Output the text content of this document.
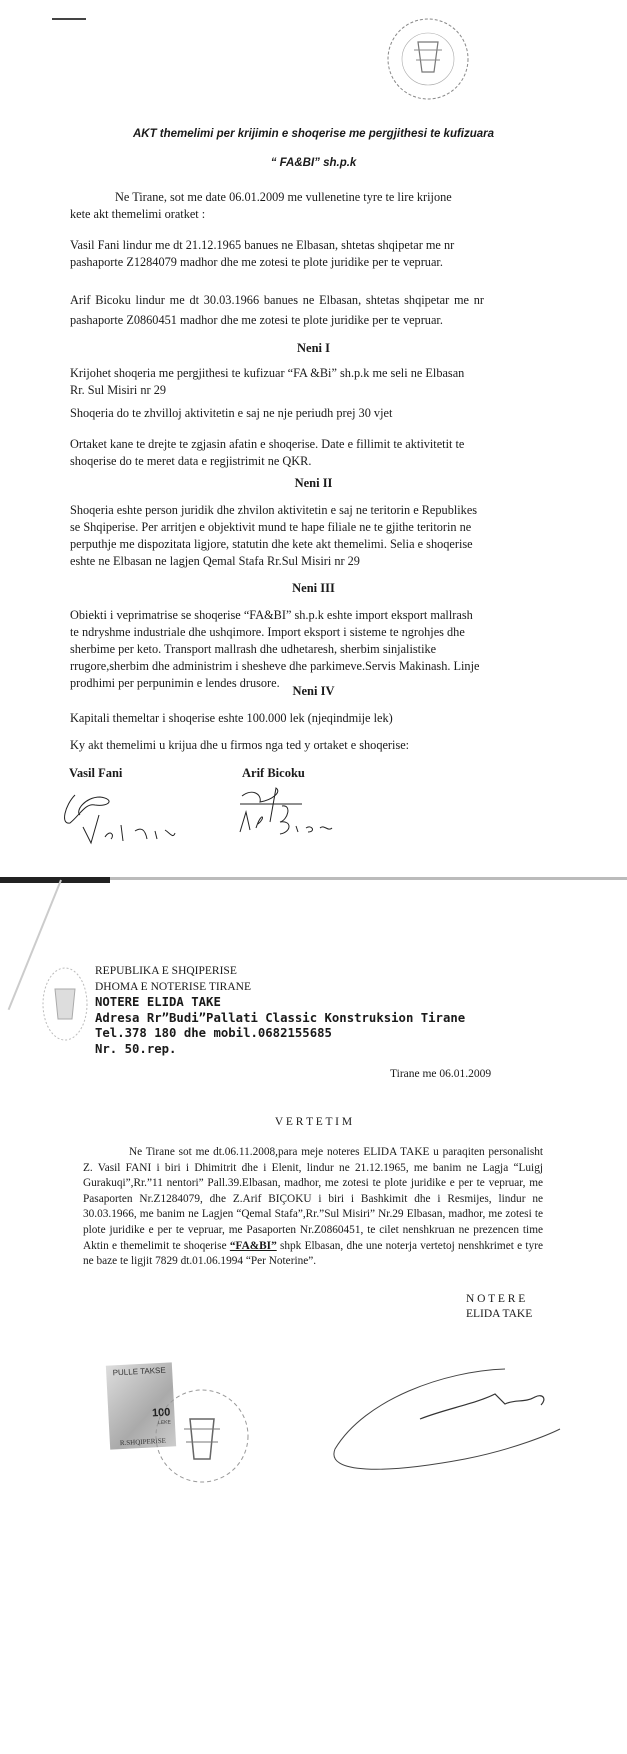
AKT themelimi per krijimin e shoqerise me pergjithesi te kufizuara

“ FA&BI” sh.p.k

Ne Tirane, sot me date 06.01.2009 me vullenetine tyre te lire krijone kete akt themelimi oratket :

Vasil Fani lindur me dt 21.12.1965 banues ne Elbasan, shtetas shqipetar me nr pashaporte Z1284079 madhor dhe me zotesi te plote juridike per te vepruar.

Arif Bicoku lindur me dt 30.03.1966 banues ne Elbasan, shtetas shqipetar me nr pashaporte Z0860451 madhor dhe me zotesi te plote juridike per te vepruar.

Neni I

Krijohet shoqeria me pergjithesi te kufizuar “FA &Bi” sh.p.k me seli ne Elbasan Rr. Sul Misiri nr 29

Shoqeria do te zhvilloj aktivitetin e saj ne nje periudh prej 30 vjet

Ortaket kane te drejte te zgjasin afatin e shoqerise. Date e fillimit te aktivitetit te shoqerise do te meret data e regjistrimit ne QKR.

Neni II

Shoqeria eshte person juridik dhe zhvilon aktivitetin e saj ne teritorin e Republikes se Shqiperise. Per arritjen e objektivit mund te hape filiale ne te gjithe teritorin ne perputhje me dispozitata ligjore, statutin dhe kete akt themelimi. Selia e shoqerise eshte ne Elbasan ne lagjen Qemal Stafa Rr.Sul Misiri nr 29

Neni III

Obiekti i veprimatrise se shoqerise “FA&BI” sh.p.k eshte import eksport mallrash te ndryshme industriale dhe ushqimore. Import eksport i sisteme te ngrohjes dhe sherbime per keto. Transport mallrash dhe udhetaresh, sherbim sinjalistike rrugore,sherbim dhe administrim i shesheve dhe parkimeve.Servis Makinash. Linje prodhimi per perpunimin e lendes drusore.

Neni IV

Kapitali themeltar i shoqerise eshte 100.000 lek (njeqindmije lek)

Ky akt themelimi u krijua dhe u firmos nga ted y ortaket e shoqerise:

Vasil Fani	Arif Bicoku

REPUBLIKA E SHQIPERISE

DHOMA E NOTERISE TIRANE

NOTERE ELIDA TAKE

Adresa Rr”Budi”Pallati Classic Konstruksion Tirane

Tel.378 180 dhe mobil.0682155685

Nr. 50.rep.

Tirane me 06.01.2009

V E R T E T I M

Ne Tirane sot me dt.06.11.2008,para meje noteres ELIDA TAKE u paraqiten personalisht Z. Vasil FANI i biri i Dhimitrit dhe i Elenit, lindur ne 21.12.1965, me banim ne Lagja “Luigj Gurakuqi”,Rr.”11 nentori” Pall.39.Elbasan, madhor, me zotesi te plote juridike e per te vepruar, me Pasaporten Nr.Z1284079, dhe Z.Arif BIÇOKU i biri i Bashkimit dhe i Resmijes, lindur ne 30.03.1966, me banim ne Lagjen “Qemal Stafa”,Rr.”Sul Misiri” Nr.29 Elbasan, madhor, me zotesi te plote juridike e per te vepruar, me Pasaporten Nr.Z0860451, te cilet nenshkruan ne prezencen time Aktin e themelimit te shoqerise “FA&BI” shpk Elbasan, dhe une noterja vertetoj nenshkrimet e tyre ne baze te ligjit 7829 dt.01.06.1994 “Per Noterine”.

N O T E R E

ELIDA TAKE

PULLE TAKSE
100
LEKE
R.SHQIPERISE
